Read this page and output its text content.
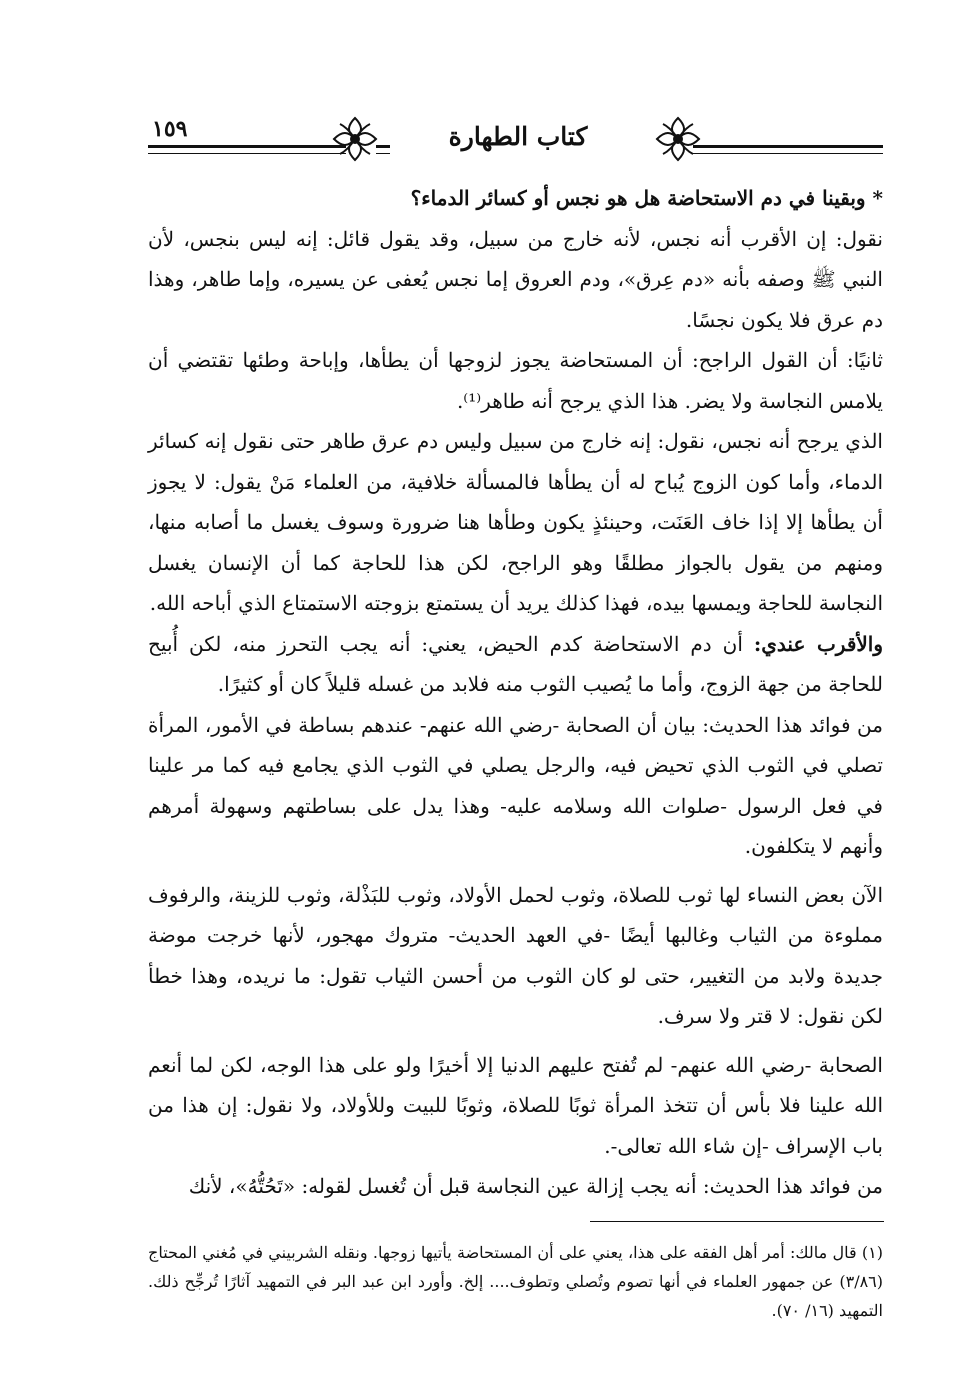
١٥٩	كتاب الطهارة

* وبقينا في دم الاستحاضة هل هو نجس أو كسائر الدماء؟

نقول: إن الأقرب أنه نجس، لأنه خارج من سبيل، وقد يقول قائل: إنه ليس بنجس، لأن النبي ﷺ وصفه بأنه «دم عِرق»، ودم العروق إما نجس يُعفى عن يسيره، وإما طاهر، وهذا دم عرق فلا يكون نجسًا.

ثانيًا: أن القول الراجح: أن المستحاضة يجوز لزوجها أن يطأها، وإباحة وطئها تقتضي أن يلامس النجاسة ولا يضر. هذا الذي يرجح أنه طاهر⁽¹⁾.

الذي يرجح أنه نجس، نقول: إنه خارج من سبيل وليس دم عرق طاهر حتى نقول إنه كسائر الدماء، وأما كون الزوج يُباح له أن يطأها فالمسألة خلافية، من العلماء مَنْ يقول: لا يجوز أن يطأها إلا إذا خاف العَنَت، وحينئذٍ يكون وطأها هنا ضرورة وسوف يغسل ما أصابه منها، ومنهم من يقول بالجواز مطلقًا وهو الراجح، لكن هذا للحاجة كما أن الإنسان يغسل النجاسة للحاجة ويمسها بيده، فهذا كذلك يريد أن يستمتع بزوجته الاستمتاع الذي أباحه الله.

والأقرب عندي: أن دم الاستحاضة كدم الحيض، يعني: أنه يجب التحرز منه، لكن أُبيح للحاجة من جهة الزوج، وأما ما يُصيب الثوب منه فلابد من غسله قليلاً كان أو كثيرًا.

من فوائد هذا الحديث: بيان أن الصحابة -رضي الله عنهم- عندهم بساطة في الأمور، المرأة تصلي في الثوب الذي تحيض فيه، والرجل يصلي في الثوب الذي يجامع فيه كما مر علينا في فعل الرسول -صلوات الله وسلامه عليه- وهذا يدل على بساطتهم وسهولة أمرهم وأنهم لا يتكلفون.

الآن بعض النساء لها ثوب للصلاة، وثوب لحمل الأولاد، وثوب للبَذْلة، وثوب للزينة، والرفوف مملوءة من الثياب وغالبها أيضًا -في العهد الحديث- متروك مهجور، لأنها خرجت موضة جديدة ولابد من التغيير، حتى لو كان الثوب من أحسن الثياب تقول: ما نريده، وهذا خطأ لكن نقول: لا قتر ولا سرف.

الصحابة -رضي الله عنهم- لم تُفتح عليهم الدنيا إلا أخيرًا ولو على هذا الوجه، لكن لما أنعم الله علينا فلا بأس أن تتخذ المرأة ثوبًا للصلاة، وثوبًا للبيت وللأولاد، ولا نقول: إن هذا من باب الإسراف -إن شاء الله تعالى-.

من فوائد هذا الحديث: أنه يجب إزالة عين النجاسة قبل أن تُغسل لقوله: «تَحُتُّهُ»، لأنك

(١) قال مالك: أمر أهل الفقه على هذا، يعني على أن المستحاضة يأتيها زوجها. ونقله الشربيني في مُغني المحتاج (٣/٨٦) عن جمهور العلماء في أنها تصوم وتُصلي وتطوف.... إلخ. وأورد ابن عبد البر في التمهيد آثارًا تُرجِّح ذلك. التمهيد (١٦/ ٧٠).
